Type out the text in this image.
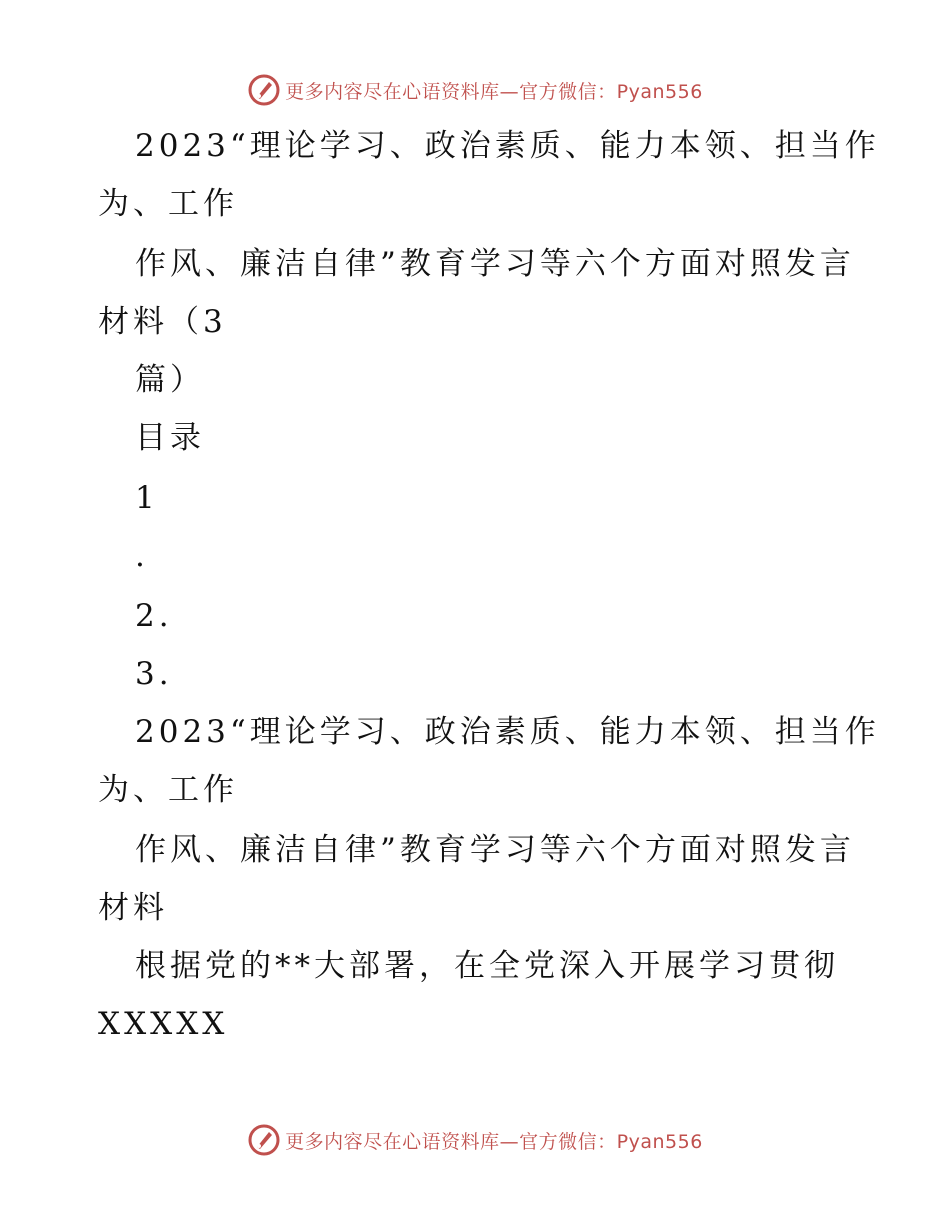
更多内容尽在心语资料库—官方微信：Pyan556
2023“理论学习、政治素质、能力本领、担当作
为、工作
作风、廉洁自律”教育学习等六个方面对照发言
材料（3
篇）
目录
1
.
2.
3.
2023“理论学习、政治素质、能力本领、担当作
为、工作
作风、廉洁自律”教育学习等六个方面对照发言
材料
根据党的**大部署，在全党深入开展学习贯彻
XXXXX
更多内容尽在心语资料库—官方微信：Pyan556
